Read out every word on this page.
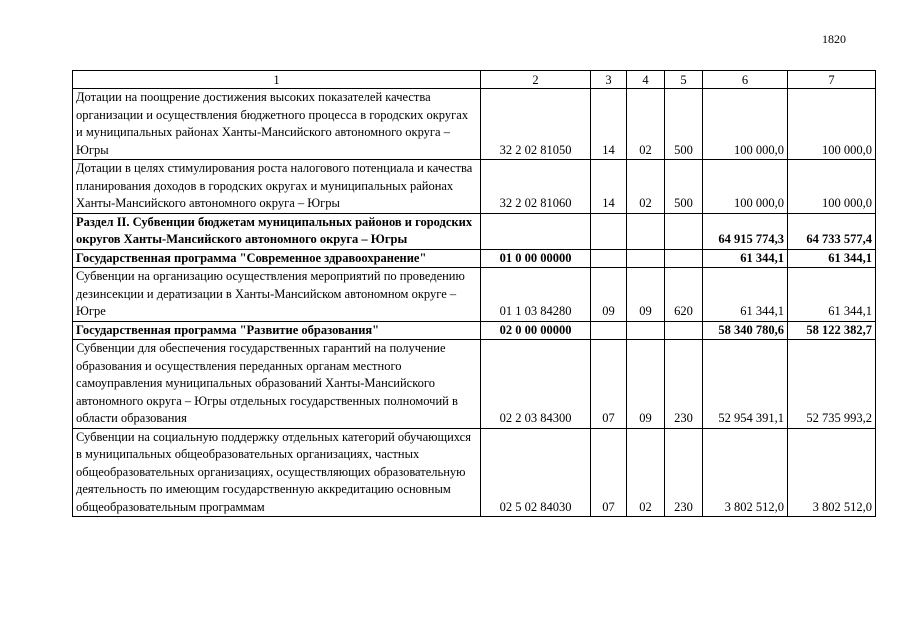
1820
1	2	3	4	5	6	7
Дотации на поощрение достижения высоких показателей качества организации и осуществления бюджетного процесса в городских округах и муниципальных районах Ханты-Мансийского автономного округа – Югры	32 2 02 81050	14	02	500	100 000,0	100 000,0
Дотации в целях стимулирования роста налогового потенциала и качества планирования доходов в городских округах и муниципальных районах Ханты-Мансийского автономного округа – Югры	32 2 02 81060	14	02	500	100 000,0	100 000,0
Раздел II. Субвенции бюджетам муниципальных районов и городских округов Ханты-Мансийского автономного округа – Югры					64 915 774,3	64 733 577,4
Государственная программа "Современное здравоохранение"	01 0 00 00000				61 344,1	61 344,1
Субвенции на организацию осуществления мероприятий по проведению дезинсекции и дератизации в Ханты-Мансийском автономном округе – Югре	01 1 03 84280	09	09	620	61 344,1	61 344,1
Государственная программа "Развитие образования"	02 0 00 00000				58 340 780,6	58 122 382,7
Субвенции для обеспечения государственных гарантий на получение образования и осуществления переданных органам местного самоуправления муниципальных образований Ханты-Мансийского автономного округа – Югры отдельных государственных полномочий в области образования	02 2 03 84300	07	09	230	52 954 391,1	52 735 993,2
Субвенции на социальную поддержку отдельных категорий обучающихся в муниципальных общеобразовательных организациях, частных общеобразовательных организациях, осуществляющих образовательную деятельность по имеющим государственную аккредитацию основным общеобразовательным программам	02 5 02 84030	07	02	230	3 802 512,0	3 802 512,0
